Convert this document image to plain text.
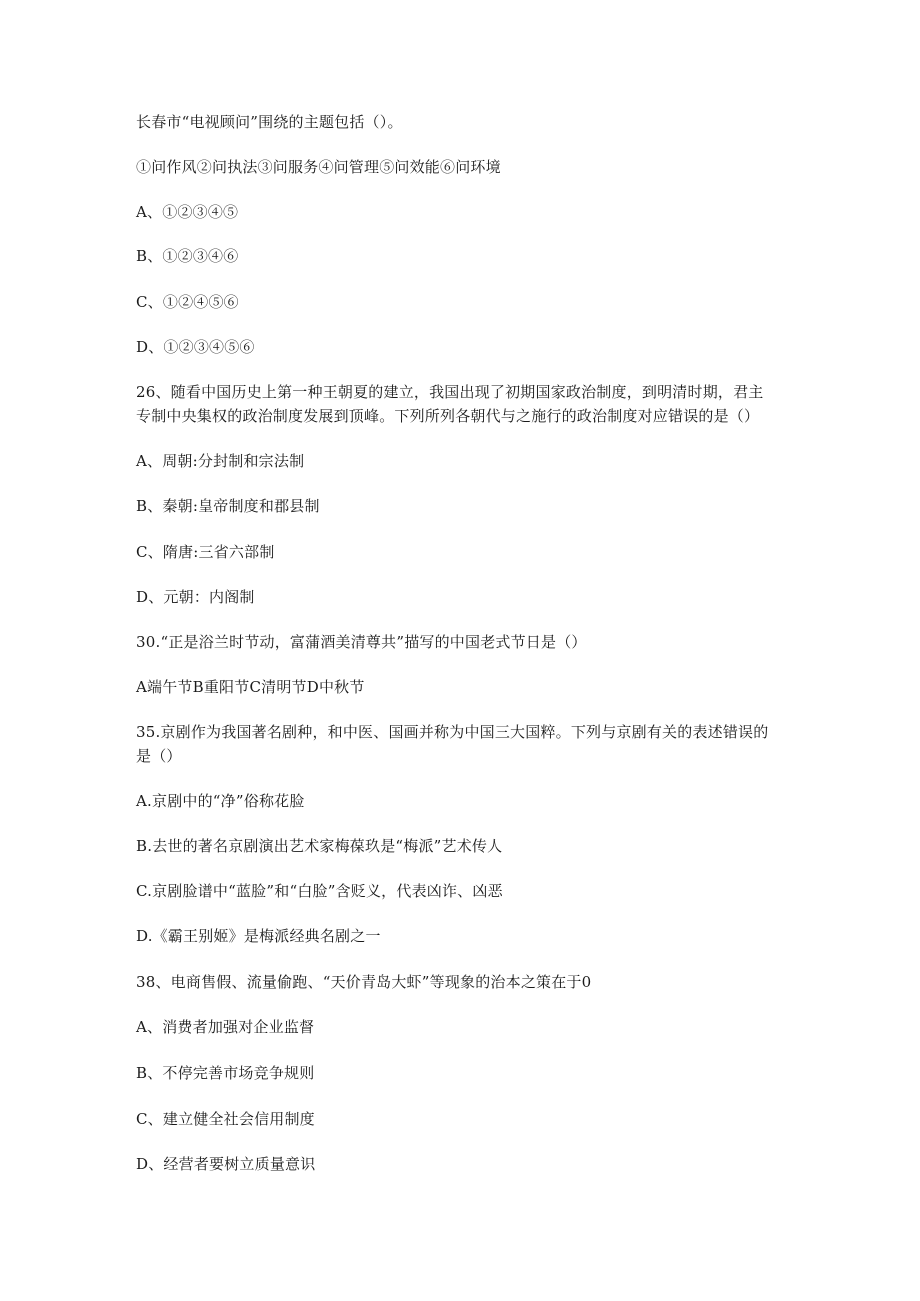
长春市“电视顾问”围绕的主题包括（）。
①问作风②问执法③问服务④问管理⑤问效能⑥问环境
A、①②③④⑤
B、①②③④⑥
C、①②④⑤⑥
D、①②③④⑤⑥
26、随看中国历史上第一种王朝夏的建立，我国出现了初期国家政治制度，到明清时期，君主
专制中央集权的政治制度发展到顶峰。下列所列各朝代与之施行的政治制度对应错误的是（）
A、周朝:分封制和宗法制
B、秦朝:皇帝制度和郡县制
C、隋唐:三省六部制
D、元朝：内阁制
30.“正是浴兰时节动，富蒲酒美清尊共”描写的中国老式节日是（）
A端午节B重阳节C清明节D中秋节
35.京剧作为我国著名剧种，和中医、国画并称为中国三大国粹。下列与京剧有关的表述错误的
是（）
A.京剧中的“净”俗称花脸
B.去世的著名京剧演出艺术家梅葆玖是“梅派”艺术传人
C.京剧脸谱中“蓝脸”和“白脸”含贬义，代表凶诈、凶恶
D.《霸王别姬》是梅派经典名剧之一
38、电商售假、流量偷跑、“天价青岛大虾”等现象的治本之策在于0
A、消费者加强对企业监督
B、不停完善市场竞争规则
C、建立健全社会信用制度
D、经营者要树立质量意识
